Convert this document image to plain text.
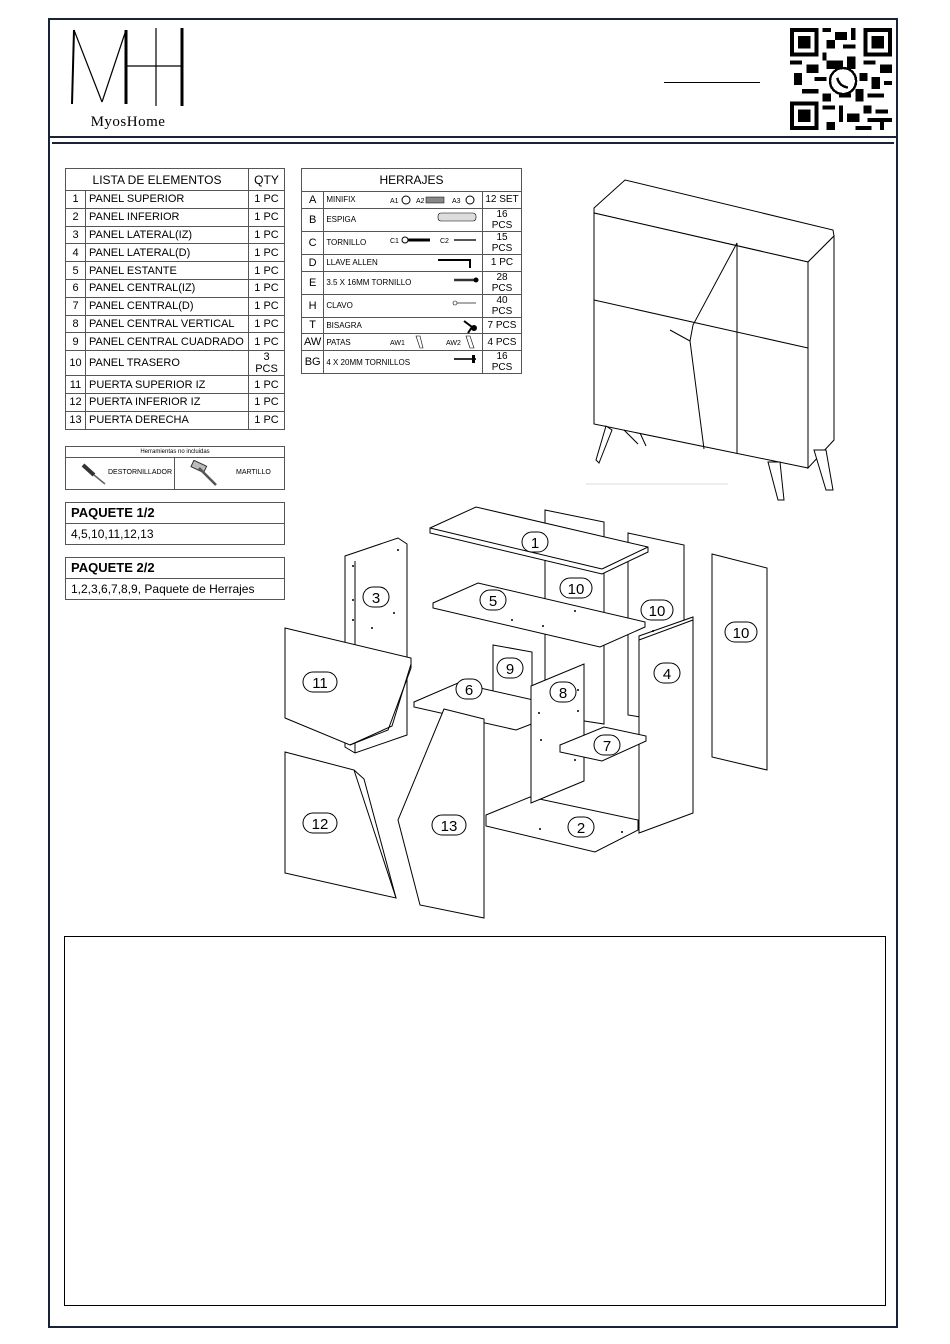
MyosHome
LISTA DE ELEMENTOS		QTY
1	PANEL SUPERIOR	1 PC
2	PANEL INFERIOR	1 PC
3	PANEL LATERAL(IZ)	1 PC
4	PANEL LATERAL(D)	1 PC
5	PANEL ESTANTE	1 PC
6	PANEL CENTRAL(IZ)	1 PC
7	PANEL CENTRAL(D)	1 PC
8	PANEL CENTRAL VERTICAL	1 PC
9	PANEL CENTRAL CUADRADO	1 PC
10	PANEL TRASERO	3 PCS
11	PUERTA SUPERIOR IZ	1 PC
12	PUERTA INFERIOR IZ	1 PC
13	PUERTA DERECHA	1 PC
HERRAJES		
A	MINIFIX A1 A2 A3	12 SET
B	ESPIGA	16 PCS
C	TORNILLO C1 C2	15 PCS
D	LLAVE ALLEN	1 PC
E	3.5 X 16MM TORNILLO	28 PCS
H	CLAVO	40 PCS
T	BISAGRA	7 PCS
AW	PATAS AW1 AW2	4 PCS
BG	4 X 20MM TORNILLOS	16 PCS
Herramientas no incluidas
DESTORNILLADOR	MARTILLO
PAQUETE 1/2
4,5,10,11,12,13
PAQUETE 2/2
1,2,3,6,7,8,9, Paquete de Herrajes
1
10
10
10
3	5
4
9
11	6	8
7
2
12	13
